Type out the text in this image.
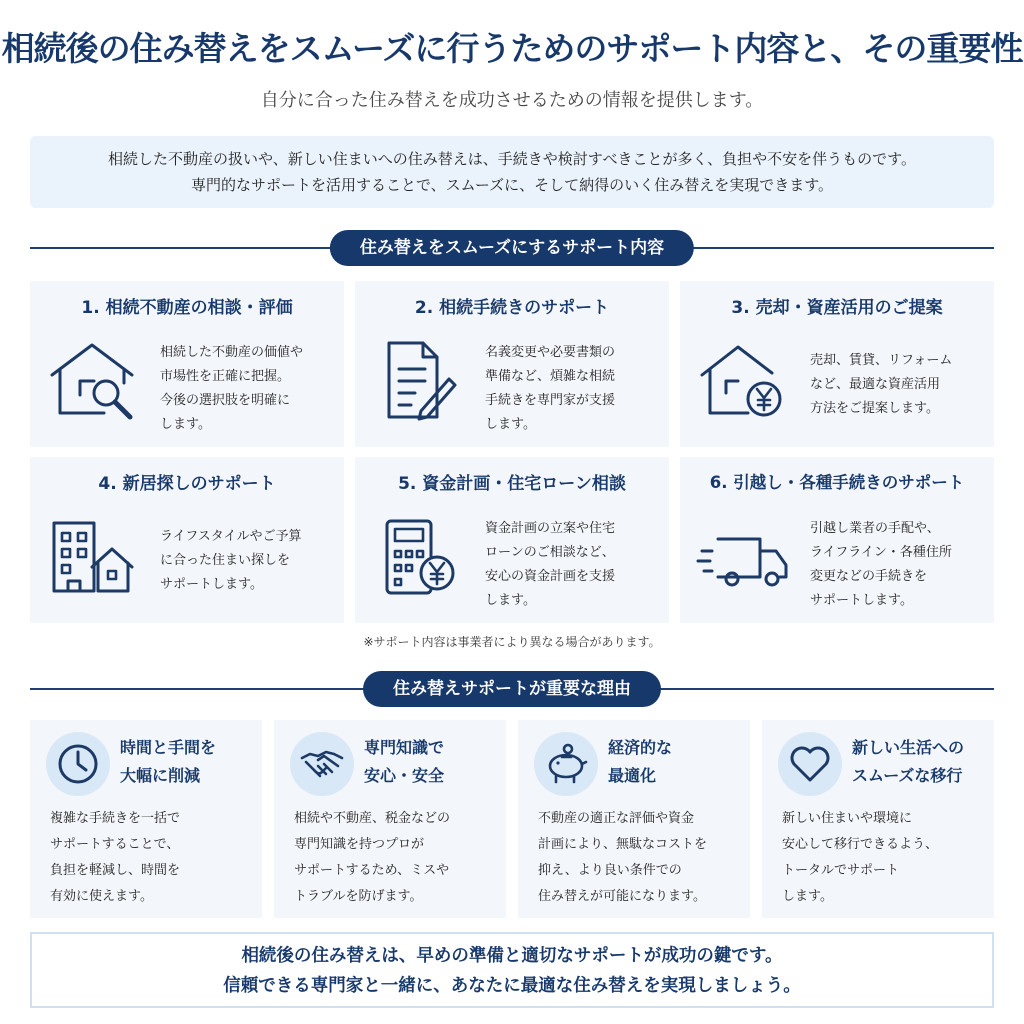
相続後の住み替えをスムーズに行うためのサポート内容と、その重要性
自分に合った住み替えを成功させるための情報を提供します。

相続した不動産の扱いや、新しい住まいへの住み替えは、手続きや検討すべきことが多く、負担や不安を伴うものです。

専門的なサポートを活用することで、スムーズに、そして納得のいく住み替えを実現できます。

住み替えをスムーズにするサポート内容
1. 相続不動産の相談・評価
相続した不動産の価値や
市場性を正確に把握。
今後の選択肢を明確に
します。
2. 相続手続きのサポート
名義変更や必要書類の
準備など、煩雑な相続
手続きを専門家が支援
します。
3. 売却・資産活用のご提案
売却、賃貸、リフォーム
など、最適な資産活用
方法をご提案します。
4. 新居探しのサポート
ライフスタイルやご予算
に合った住まい探しを
サポートします。
5. 資金計画・住宅ローン相談
資金計画の立案や住宅
ローンのご相談など、
安心の資金計画を支援
します。
6. 引越し・各種手続きのサポート
引越し業者の手配や、
ライフライン・各種住所
変更などの手続きを
サポートします。
※サポート内容は事業者により異なる場合があります。
住み替えサポートが重要な理由
時間と手間を
大幅に削減
複雑な手続きを一括で
サポートすることで、
負担を軽減し、時間を
有効に使えます。
専門知識で
安心・安全
相続や不動産、税金などの
専門知識を持つプロが
サポートするため、ミスや
トラブルを防げます。
経済的な
最適化
不動産の適正な評価や資金
計画により、無駄なコストを
抑え、より良い条件での
住み替えが可能になります。
新しい生活への
スムーズな移行
新しい住まいや環境に
安心して移行できるよう、
トータルでサポート
します。

相続後の住み替えは、早めの準備と適切なサポートが成功の鍵です。

信頼できる専門家と一緒に、あなたに最適な住み替えを実現しましょう。
